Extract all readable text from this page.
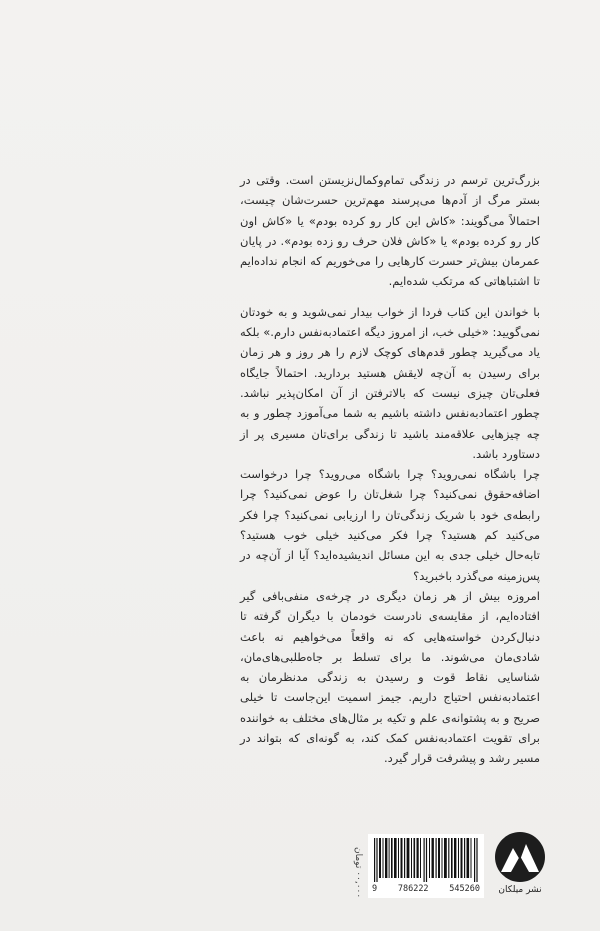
بزرگ‌ترین ترسم در زندگی تمام‌وکمال‌نزیستن است. وقتی در بستر مرگ از آدم‌ها می‌پرسند مهم‌ترین حسرت‌شان چیست، احتمالاً می‌گویند: «کاش این کار رو کرده بودم» یا «کاش اون کار رو کرده بودم» یا «کاش فلان حرف رو زده بودم». در پایان عمرمان بیش‌تر حسرت کارهایی را می‌خوریم که انجام نداده‌ایم تا اشتباهاتی که مرتکب شده‌ایم.

با خواندن این کتاب فردا از خواب بیدار نمی‌شوید و به خودتان نمی‌گویید: «خیلی خب، از امروز دیگه اعتمادبه‌نفس دارم.» بلکه یاد می‌گیرید چطور قدم‌های کوچک لازم را هر روز و هر زمان برای رسیدن به آن‌چه لایقش هستید بردارید. احتمالاً جایگاه فعلی‌تان چیزی نیست که بالاترفتن از آن امکان‌پذیر نباشد. چطور اعتمادبه‌نفس داشته باشیم به شما می‌آموزد چطور و به چه چیزهایی علاقه‌مند باشید تا زندگی برای‌تان مسیری پر از دستاورد باشد.

چرا باشگاه نمی‌روید؟ چرا باشگاه می‌روید؟ چرا درخواست اضافه‌حقوق نمی‌کنید؟ چرا شغل‌تان را عوض نمی‌کنید؟ چرا رابطه‌ی خود با شریک زندگی‌تان را ارزیابی نمی‌کنید؟ چرا فکر می‌کنید کم هستید؟ چرا فکر می‌کنید خیلی خوب هستید؟ تابه‌حال خیلی جدی به این مسائل اندیشیده‌اید؟ آیا از آن‌چه در پس‌زمینه می‌گذرد باخبرید؟

امروزه بیش از هر زمان دیگری در چرخه‌ی منفی‌بافی گیر افتاده‌ایم، از مقایسه‌ی نادرست خودمان با دیگران گرفته تا دنبال‌کردن خواسته‌هایی که نه واقعاً می‌خواهیم نه باعث شادی‌مان می‌شوند. ما برای تسلط بر جاه‌طلبی‌های‌مان، شناسایی نقاط قوت و رسیدن به زندگی مدنظرمان به اعتمادبه‌نفس احتیاج داریم. جیمز اسمیت این‌جاست تا خیلی صریح و به پشتوانه‌ی علم و تکیه بر مثال‌های مختلف به خواننده برای تقویت اعتمادبه‌نفس کمک کند، به گونه‌ای که بتواند در مسیر رشد و پیشرفت قرار گیرد.

۰۰,۰۰۰ تومان 9 786222 545260	نشر میلکان
